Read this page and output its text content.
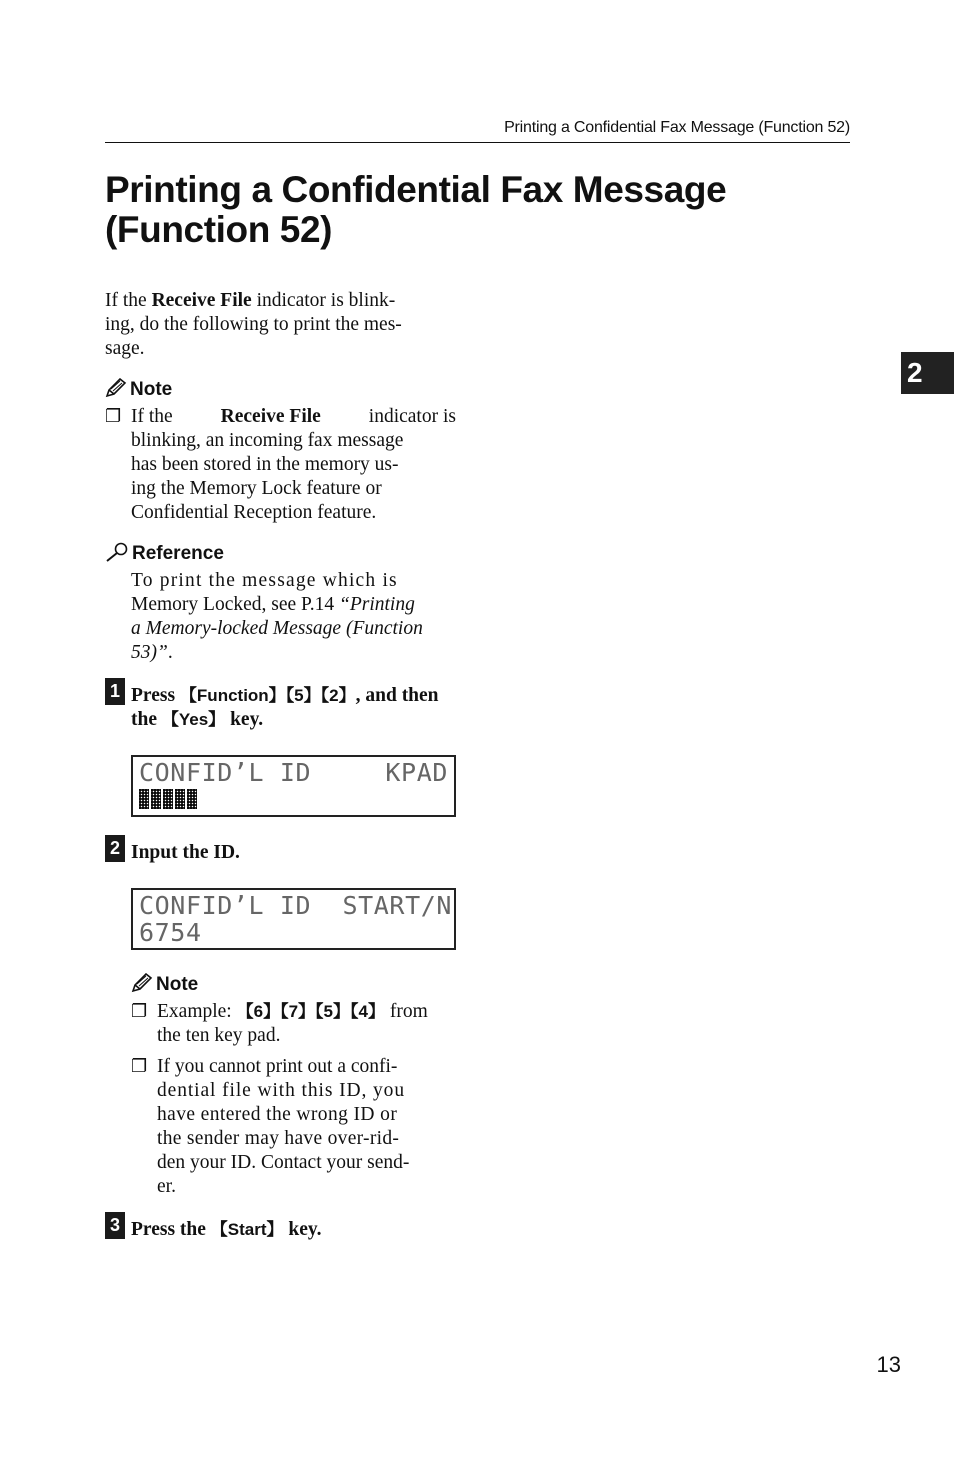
Printing a Confidential Fax Message (Function 52)
Printing a Confidential Fax Message
(Function 52)
2
If the Receive File indicator is blink-
ing, do the following to print the mes-
sage.
Note
❐ If the Receive File indicator is
blinking, an incoming fax message
has been stored in the memory us-
ing the Memory Lock feature or
Confidential Reception feature.
Reference
To print the message which is
Memory Locked, see P.14 “Printing
a Memory-locked Message (Function
53)”.
1 Press 【Function】【5】【2】, and then
the 【Yes】 key.
CONFID’L ID	KPAD
2 Input the ID.
CONFID’L ID  START/N
6754
Note
❐ Example: 【6】【7】【5】【4】 from
the ten key pad.
❐ If you cannot print out a confi-
dential file with this ID, you
have entered the wrong ID or
the sender may have over-rid-
den your ID. Contact your send-
er.
3 Press the 【Start】 key.
13
